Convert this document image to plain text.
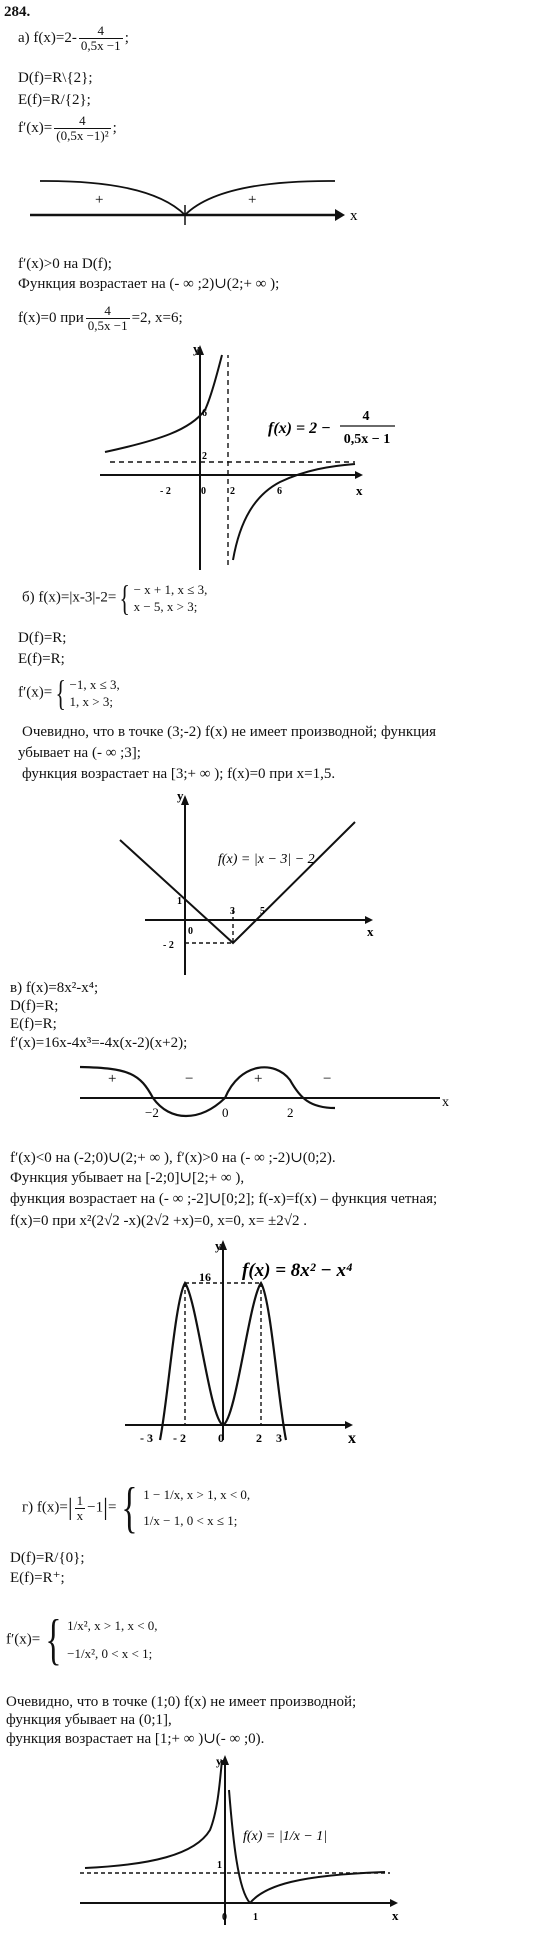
284.
а) $f(x)=2- \frac{4}{0,5x -1}$ ;
D(f)=R\{2};
E(f)=R/{2};
$f'(x)= \frac{4}{\text{(0,5x −1)²}}$ ;
+	+
x
y
x
- 2	0 2	6
6
2
f(x) = 2 −
4
0,5x − 1
y
x
1
0
3	5
- 2
f(x) = |x − 3| − 2
+	−	+	−
−2	0	2
x
y
x
16
- 3 - 2	0	2 3
f(x) = 8x² − x⁴
y
x
1
0	1
f(x) = |1/x − 1|
f′(x)>0 на D(f);
Функция возрастает на (- ∞ ;2)∪(2;+ ∞ );
f(x)=0 при $\frac{4}{0,5x -1} =2$, x=6;
б) f(x)=|x-3|-2={ − x + 1, x ≤ 3,
x − 5, x > 3;
D(f)=R;
E(f)=R;
f′(x)={ −1, x ≤ 3,
1, x > 3;
Очевидно, что в точке (3;-2) f(x) не имеет производной; функция
убывает на (- ∞ ;3];
функция возрастает на [3;+ ∞ ); f(x)=0 при x=1,5.
в) f(x)=8x²-x⁴;
D(f)=R;
E(f)=R;
f′(x)=16x-4x³=-4x(x-2)(x+2);
f′(x)<0 на (-2;0)∪(2;+ ∞ ), f′(x)>0 на (- ∞ ;-2)∪(0;2).
Функция убывает на [-2;0]∪[2;+ ∞ ),
функция возрастает на (- ∞ ;-2]∪[0;2]; f(-x)=f(x) – функция четная;
f(x)=0 при x²(2√2 -x)(2√2 +x)=0, x=0, x= ±2√2 .
г) $f(x)=| \frac{1}{x} -1|=${ 1 − 1/x, x > 1, x < 0,
1/x − 1, 0 < x ≤ 1;
D(f)=R/{0};
E(f)=R⁺;
f′(x)={ 1/x², x > 1, x < 0,
−1/x², 0 < x < 1;
Очевидно, что в точке (1;0) f(x) не имеет производной;
функция убывает на (0;1],
функция возрастает на [1;+ ∞ )∪(- ∞ ;0).
